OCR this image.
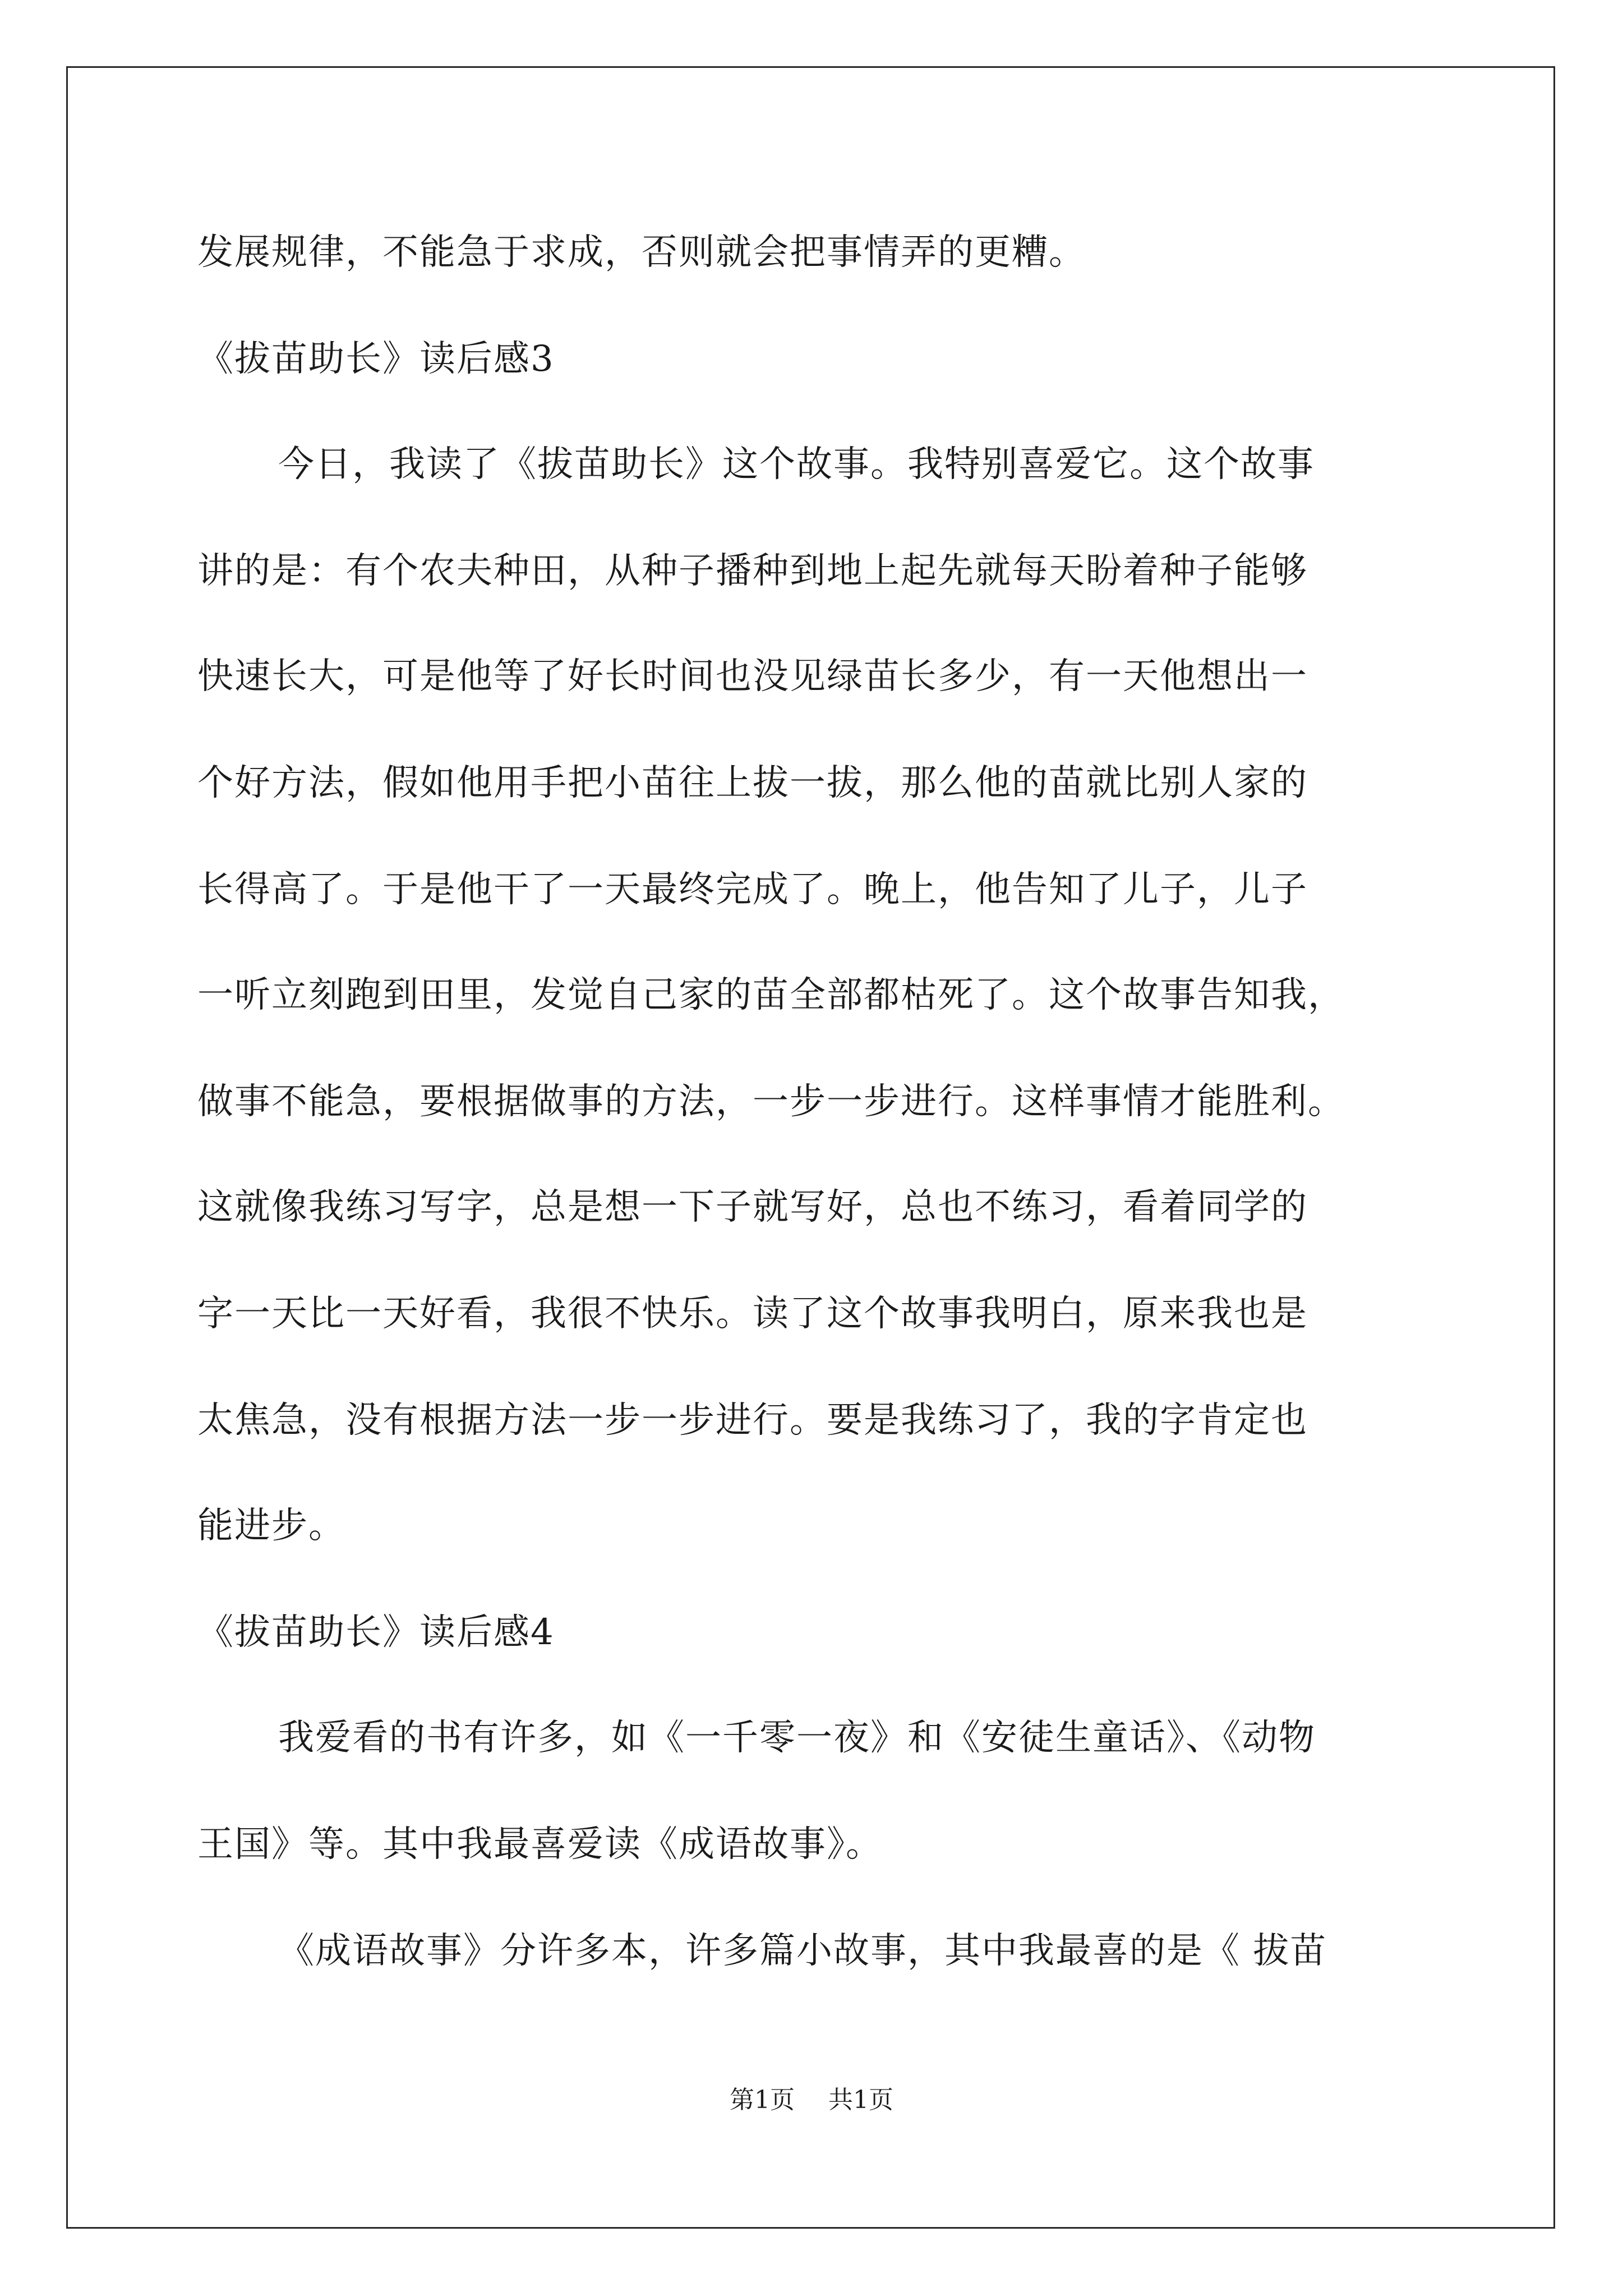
发展规律，不能急于求成，否则就会把事情弄的更糟。
《拔苗助长》读后感3
今日，我读了《拔苗助长》这个故事。我特别喜爱它。这个故事
讲的是：有个农夫种田，从种子播种到地上起先就每天盼着种子能够
快速长大，可是他等了好长时间也没见绿苗长多少，有一天他想出一
个好方法，假如他用手把小苗往上拔一拔，那么他的苗就比别人家的
长得高了。于是他干了一天最终完成了。晚上，他告知了儿子，儿子
一听立刻跑到田里，发觉自己家的苗全部都枯死了。这个故事告知我，
做事不能急，要根据做事的方法，一步一步进行。这样事情才能胜利。
这就像我练习写字，总是想一下子就写好，总也不练习，看着同学的
字一天比一天好看，我很不快乐。读了这个故事我明白，原来我也是
太焦急，没有根据方法一步一步进行。要是我练习了，我的字肯定也
能进步。
《拔苗助长》读后感4
我爱看的书有许多，如《一千零一夜》和《安徒生童话》、《动物
王国》等。其中我最喜爱读《成语故事》。
《成语故事》分许多本，许多篇小故事，其中我最喜的是《 拔苗
第1页 共1页
